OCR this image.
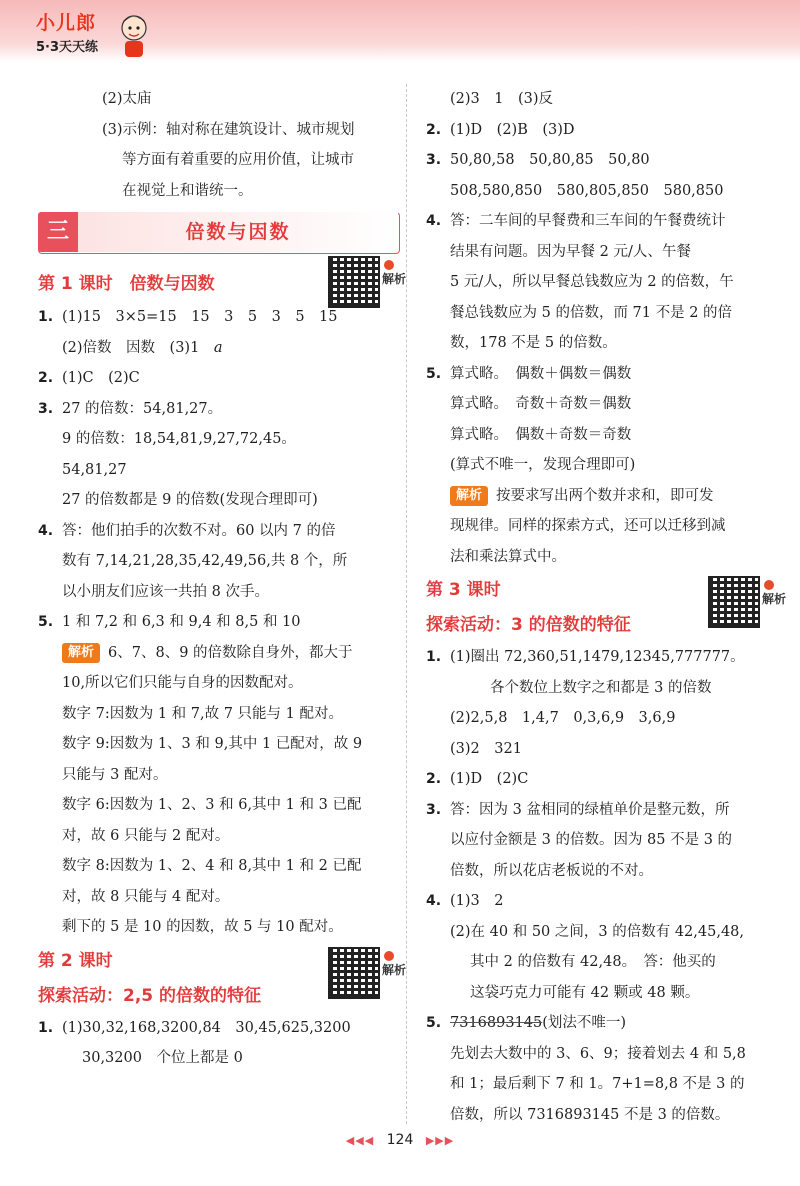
小儿郎
5·3天天练
(2)太庙
(3)示例：轴对称在建筑设计、城市规划
等方面有着重要的应用价值，让城市
在视觉上和谐统一。
三	倍数与因数
第 1 课时　倍数与因数	解析
1. (1)15　3×5=15　15　3　5　3　5　15
(2)倍数　因数　(3)1　a
2. (1)C　(2)C
3. 27 的倍数：54,81,27。
9 的倍数：18,54,81,9,27,72,45。
54,81,27
27 的倍数都是 9 的倍数(发现合理即可)
4. 答：他们拍手的次数不对。60 以内 7 的倍
数有 7,14,21,28,35,42,49,56,共 8 个，所
以小朋友们应该一共拍 8 次手。
5. 1 和 7,2 和 6,3 和 9,4 和 8,5 和 10
解析 6、7、8、9 的倍数除自身外，都大于
10,所以它们只能与自身的因数配对。
数字 7:因数为 1 和 7,故 7 只能与 1 配对。
数字 9:因数为 1、3 和 9,其中 1 已配对，故 9
只能与 3 配对。
数字 6:因数为 1、2、3 和 6,其中 1 和 3 已配
对，故 6 只能与 2 配对。
数字 8:因数为 1、2、4 和 8,其中 1 和 2 已配
对，故 8 只能与 4 配对。
剩下的 5 是 10 的因数，故 5 与 10 配对。
第 2 课时	解析
探索活动：2,5 的倍数的特征
1. (1)30,32,168,3200,84　30,45,625,3200
30,3200　个位上都是 0
(2)3　1　(3)反
2. (1)D　(2)B　(3)D
3. 50,80,58　50,80,85　50,80
508,580,850　580,805,850　580,850
4. 答：二车间的早餐费和三车间的午餐费统计
结果有问题。因为早餐 2 元/人、午餐
5 元/人，所以早餐总钱数应为 2 的倍数，午
餐总钱数应为 5 的倍数，而 71 不是 2 的倍
数，178 不是 5 的倍数。
5. 算式略。　偶数＋偶数＝偶数
算式略。　奇数＋奇数＝偶数
算式略。　偶数＋奇数＝奇数
(算式不唯一，发现合理即可)
解析 按要求写出两个数并求和，即可发
现规律。同样的探索方式，还可以迁移到减
法和乘法算式中。
第 3 课时	解析
探索活动：3 的倍数的特征
1. (1)圈出 72,360,51,1479,12345,777777。
各个数位上数字之和都是 3 的倍数
(2)2,5,8　1,4,7　0,3,6,9　3,6,9
(3)2　321
2. (1)D　(2)C
3. 答：因为 3 盆相同的绿植单价是整元数，所
以应付金额是 3 的倍数。因为 85 不是 3 的
倍数，所以花店老板说的不对。
4. (1)3　2
(2)在 40 和 50 之间，3 的倍数有 42,45,48,
其中 2 的倍数有 42,48。　答：他买的
这袋巧克力可能有 42 颗或 48 颗。
5. 7316893145(划法不唯一)
先划去大数中的 3、6、9；接着划去 4 和 5,8
和 1；最后剩下 7 和 1。7+1=8,8 不是 3 的
倍数，所以 7316893145 不是 3 的倍数。
◀◀◀ 124 ▶▶▶
